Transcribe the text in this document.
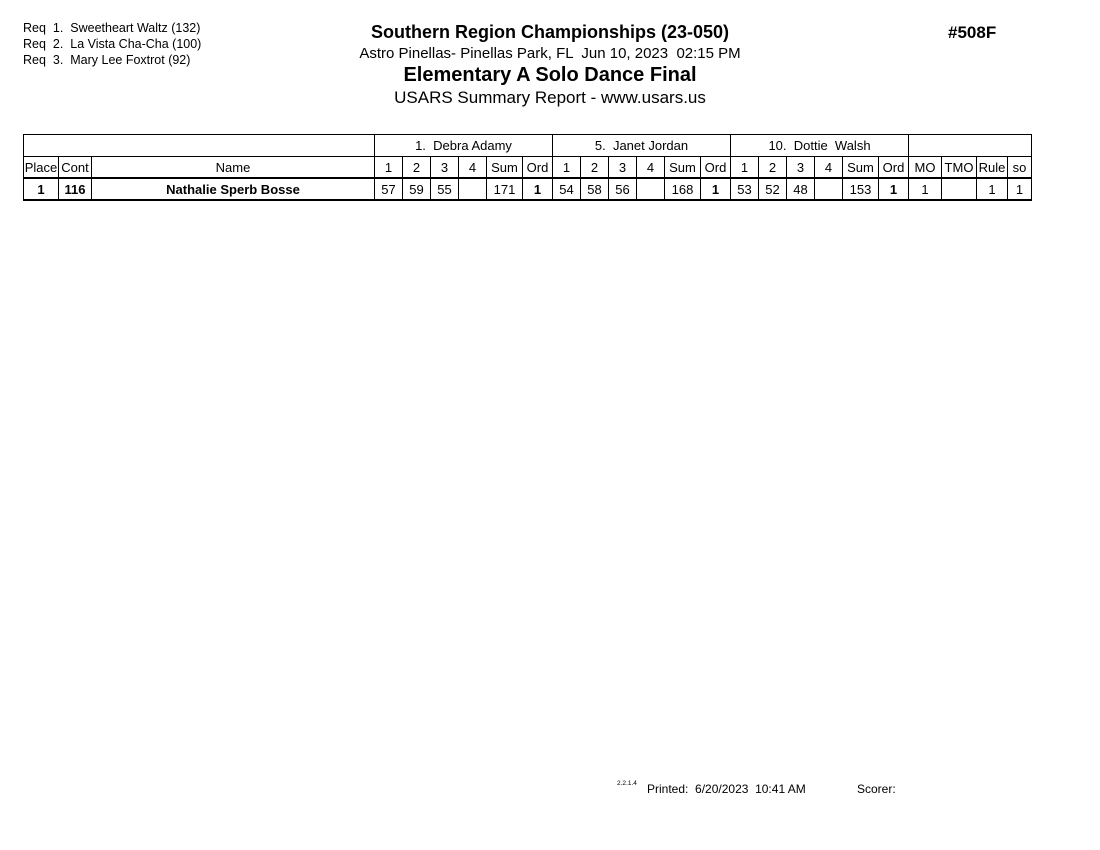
Req  1.  Sweetheart Waltz (132)
Req  2.  La Vista Cha-Cha (100)
Req  3.  Mary Lee Foxtrot (92)
Southern Region Championships (23-050)
Astro Pinellas- Pinellas Park, FL  Jun 10, 2023  02:15 PM
Elementary A Solo Dance Final
USARS Summary Report - www.usars.us
#508F
			1.  Debra Adamy						5.  Janet Jordan						10.  Dottie  Walsh									
Place	Cont	Name	1	2	3	4	Sum	Ord	1	2	3	4	Sum	Ord	1	2	3	4	Sum	Ord	MO	TMO	Rule	so
1	116	Nathalie Sperb Bosse	57	59	55		171	1	54	58	56		168	1	53	52	48		153	1	1		1	1
2.2.1.4 Printed: 6/20/2023  10:41 AM	Scorer:
